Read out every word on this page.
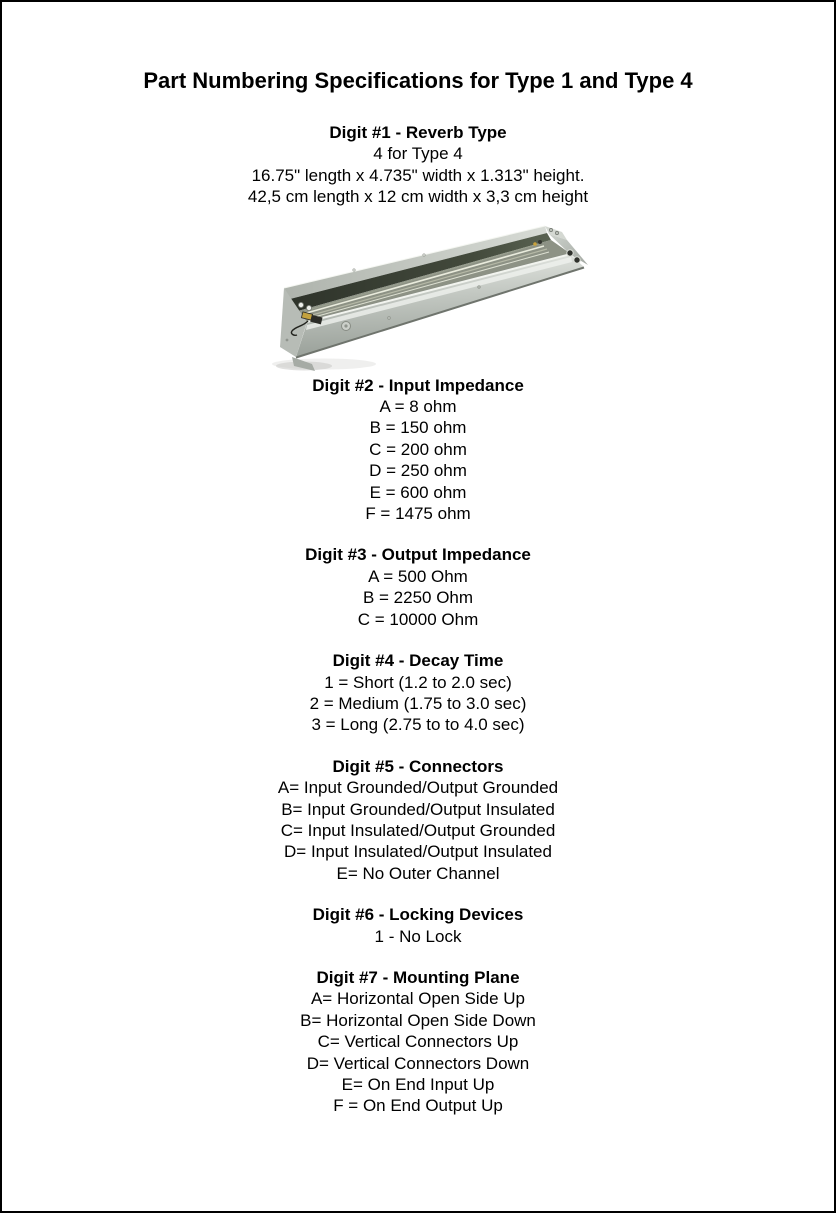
Part Numbering Specifications for Type 1 and Type 4

Digit #1 - Reverb Type

4 for Type 4

16.75" length x 4.735" width x 1.313" height.

42,5 cm length x 12 cm width x 3,3 cm height

Digit #2 - Input Impedance

A = 8 ohm

B = 150 ohm

C = 200 ohm

D = 250 ohm

E = 600 ohm

F = 1475 ohm

Digit #3 - Output Impedance

A = 500 Ohm

B = 2250 Ohm

C = 10000 Ohm

Digit #4 - Decay Time

1 = Short (1.2 to 2.0 sec)

2 = Medium (1.75 to 3.0 sec)

3 = Long (2.75 to to 4.0 sec)

Digit #5 - Connectors

A= Input Grounded/Output Grounded

B= Input Grounded/Output Insulated

C= Input Insulated/Output Grounded

D= Input Insulated/Output Insulated

E= No Outer Channel

Digit #6 - Locking Devices

1 - No Lock

Digit #7 - Mounting Plane

A= Horizontal Open Side Up

B= Horizontal Open Side Down

C= Vertical Connectors Up

D= Vertical Connectors Down

E= On End Input Up

F = On End Output Up
